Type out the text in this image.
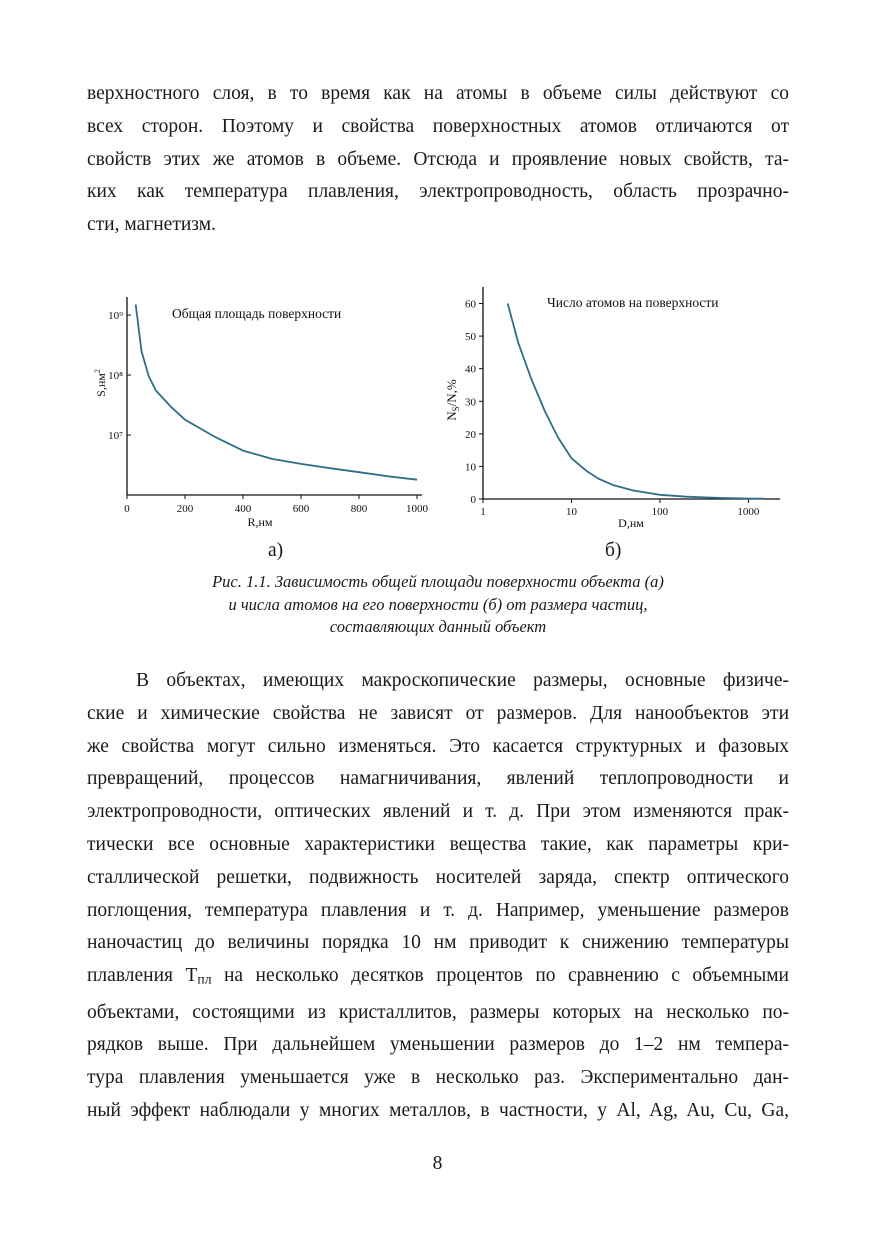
верхностного слоя, в то время как на атомы в объеме силы действуют со
всех сторон. Поэтому и свойства поверхностных атомов отличаются от
свойств этих же атомов в объеме. Отсюда и проявление новых свойств, та-
ких как температура плавления, электропроводность, область прозрачно-
сти, магнетизм.

0	200	400	600	800	1000
10⁷
10⁸
10⁹	Общая площадь поверхности
R,нм
$S,нм^2$
1	10	100	1000
0
10
20
30
40
50
60	Число атомов на поверхности
D,нм
$N_S/N,\%$
а)	б)
Рис. 1.1. Зависимость общей площади поверхности объекта (а)
и числа атомов на его поверхности (б) от размера частиц,
составляющих данный объект

В объектах, имеющих макроскопические размеры, основные физиче-
ские и химические свойства не зависят от размеров. Для нанообъектов эти
же свойства могут сильно изменяться. Это касается структурных и фазовых
превращений, процессов намагничивания, явлений теплопроводности и
электропроводности, оптических явлений и т. д. При этом изменяются прак-
тически все основные характеристики вещества такие, как параметры кри-
сталлической решетки, подвижность носителей заряда, спектр оптического
поглощения, температура плавления и т. д. Например, уменьшение размеров
наночастиц до величины порядка 10 нм приводит к снижению температуры
плавления Tпл на несколько десятков процентов по сравнению с объемными
объектами, состоящими из кристаллитов, размеры которых на несколько по-
рядков выше. При дальнейшем уменьшении размеров до 1–2 нм темпера-
тура плавления уменьшается уже в несколько раз. Экспериментально дан-
ный эффект наблюдали у многих металлов, в частности, у Al, Ag, Au, Cu, Ga,

8
